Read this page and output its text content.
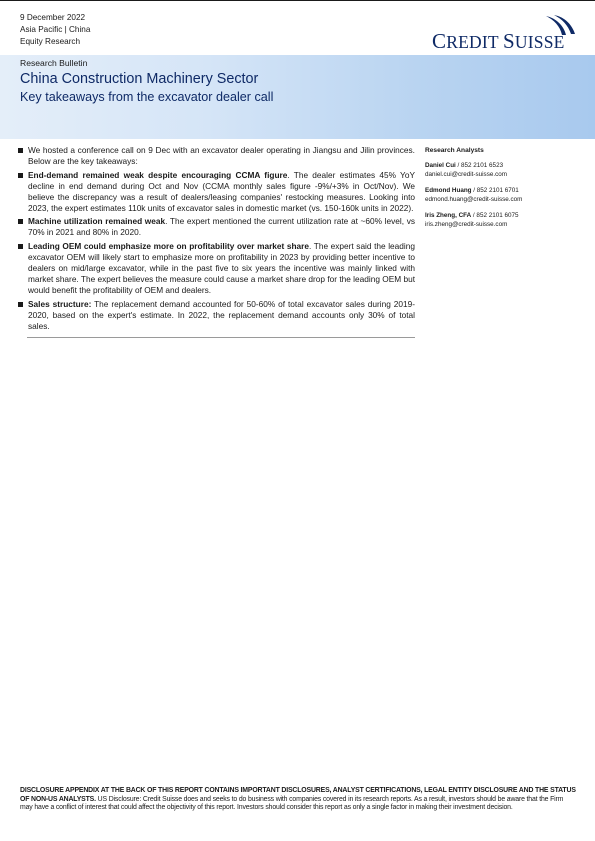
9 December 2022
Asia Pacific | China
Equity Research	CREDIT SUISSE
Research Bulletin
China Construction Machinery Sector
Key takeaways from the excavator dealer call
We hosted a conference call on 9 Dec with an excavator dealer operating in Jiangsu and Jilin provinces. Below are the key takeaways:
End-demand remained weak despite encouraging CCMA figure. The dealer estimates 45% YoY decline in end demand during Oct and Nov (CCMA monthly sales figure -9%/+3% in Oct/Nov). We believe the discrepancy was a result of dealers/leasing companies' restocking measures. Looking into 2023, the expert estimates 110k units of excavator sales in domestic market (vs. 150-160k units in 2022).
Machine utilization remained weak. The expert mentioned the current utilization rate at ~60% level, vs 70% in 2021 and 80% in 2020.
Leading OEM could emphasize more on profitability over market share. The expert said the leading excavator OEM will likely start to emphasize more on profitability in 2023 by providing better incentive to dealers on mid/large excavator, while in the past five to six years the incentive was mainly linked with market share. The expert believes the measure could cause a market share drop for the leading OEM but would benefit the profitability of OEM and dealers.
Sales structure: The replacement demand accounted for 50-60% of total excavator sales during 2019-2020, based on the expert's estimate. In 2022, the replacement demand accounts only 30% of total sales.
Research Analysts
Daniel Cui / 852 2101 6523
daniel.cui@credit-suisse.com
Edmond Huang / 852 2101 6701
edmond.huang@credit-suisse.com
Iris Zheng, CFA / 852 2101 6075
iris.zheng@credit-suisse.com
DISCLOSURE APPENDIX AT THE BACK OF THIS REPORT CONTAINS IMPORTANT DISCLOSURES, ANALYST CERTIFICATIONS, LEGAL ENTITY DISCLOSURE AND THE STATUS OF NON-US ANALYSTS. US Disclosure: Credit Suisse does and seeks to do business with companies covered in its research reports. As a result, investors should be aware that the Firm may have a conflict of interest that could affect the objectivity of this report. Investors should consider this report as only a single factor in making their investment decision.
